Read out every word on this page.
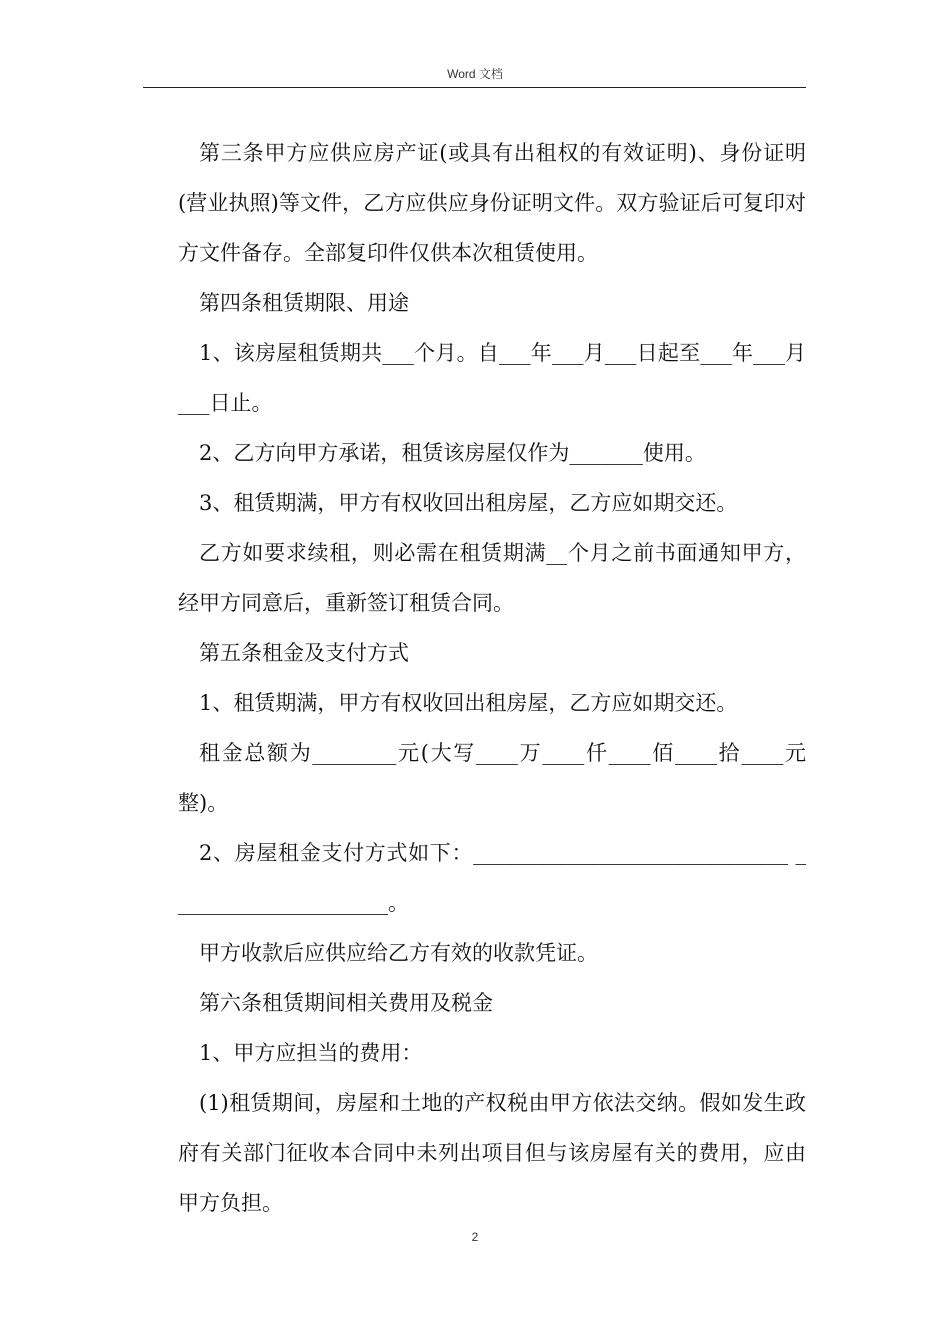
Word 文档

第三条甲方应供应房产证(或具有出租权的有效证明)、身份证明(营业执照)等文件，乙方应供应身份证明文件。双方验证后可复印对方文件备存。全部复印件仅供本次租赁使用。

第四条租赁期限、用途

1、该房屋租赁期共___个月。自___年___月___日起至___年___月___日止。

2、乙方向甲方承诺，租赁该房屋仅作为_______使用。

3、租赁期满，甲方有权收回出租房屋，乙方应如期交还。

乙方如要求续租，则必需在租赁期满__个月之前书面通知甲方，经甲方同意后，重新签订租赁合同。

第五条租金及支付方式

1、租赁期满，甲方有权收回出租房屋，乙方应如期交还。

租金总额为________元(大写____万____仟____佰____拾____元整)。

2、房屋租金支付方式如下：______________________________ _____________________。

甲方收款后应供应给乙方有效的收款凭证。

第六条租赁期间相关费用及税金

1、甲方应担当的费用：

(1)租赁期间，房屋和土地的产权税由甲方依法交纳。假如发生政府有关部门征收本合同中未列出项目但与该房屋有关的费用，应由甲方负担。

2
